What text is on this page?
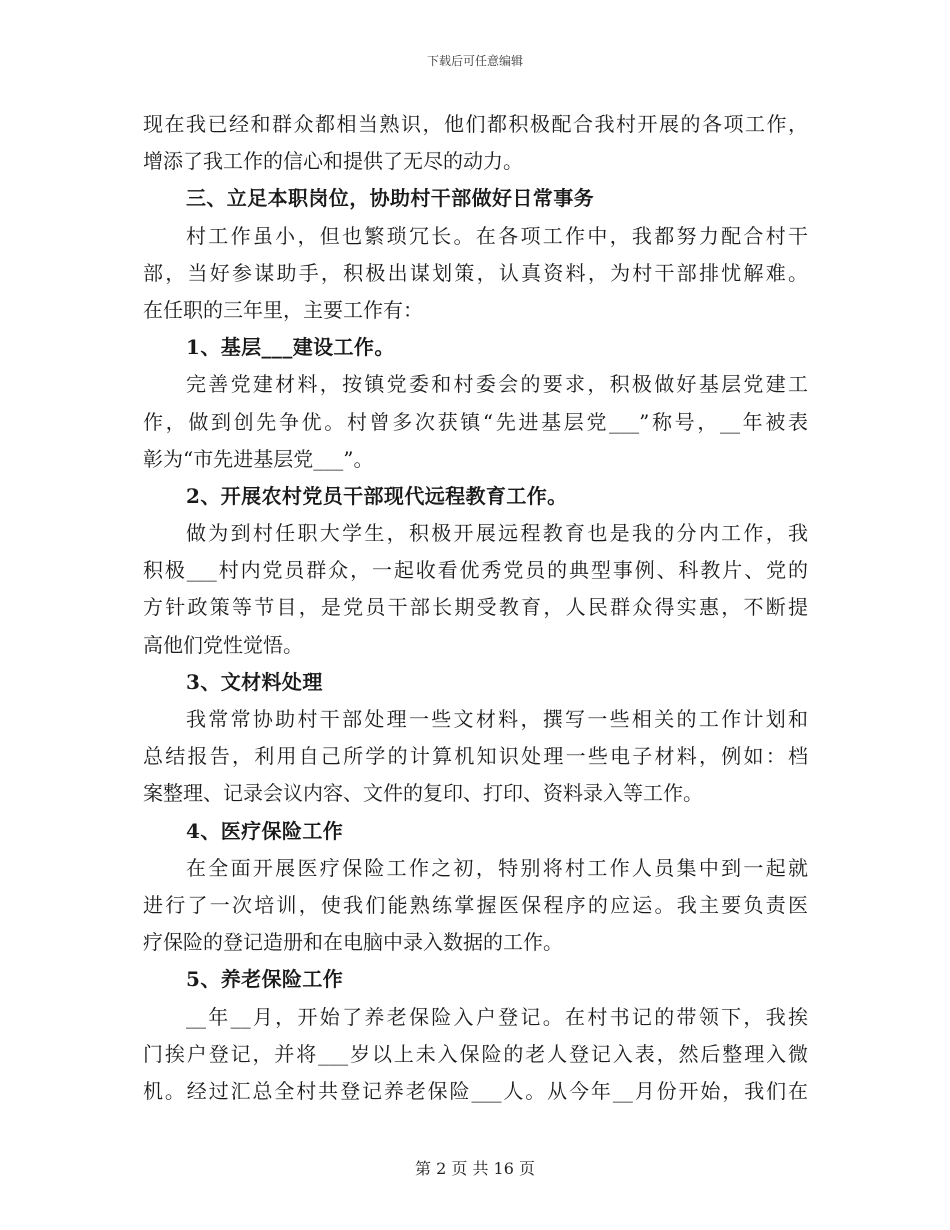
下载后可任意编辑
现在我已经和群众都相当熟识，他们都积极配合我村开展的各项工作，
增添了我工作的信心和提供了无尽的动力。
三、立足本职岗位，协助村干部做好日常事务
村工作虽小，但也繁琐冗长。在各项工作中，我都努力配合村干
部，当好参谋助手，积极出谋划策，认真资料，为村干部排忧解难。
在任职的三年里，主要工作有：
1、基层___建设工作。
完善党建材料，按镇党委和村委会的要求，积极做好基层党建工
作，做到创先争优。村曾多次获镇“先进基层党___”称号，__年被表
彰为“市先进基层党___”。
2、开展农村党员干部现代远程教育工作。
做为到村任职大学生，积极开展远程教育也是我的分内工作，我
积极___村内党员群众，一起收看优秀党员的典型事例、科教片、党的
方针政策等节目，是党员干部长期受教育，人民群众得实惠，不断提
高他们党性觉悟。
3、文材料处理
我常常协助村干部处理一些文材料，撰写一些相关的工作计划和
总结报告，利用自己所学的计算机知识处理一些电子材料，例如：档
案整理、记录会议内容、文件的复印、打印、资料录入等工作。
4、医疗保险工作
在全面开展医疗保险工作之初，特别将村工作人员集中到一起就
进行了一次培训，使我们能熟练掌握医保程序的应运。我主要负责医
疗保险的登记造册和在电脑中录入数据的工作。
5、养老保险工作
__年__月，开始了养老保险入户登记。在村书记的带领下，我挨
门挨户登记，并将___岁以上未入保险的老人登记入表，然后整理入微
机。经过汇总全村共登记养老保险___人。从今年__月份开始，我们在
第 2 页 共 16 页
